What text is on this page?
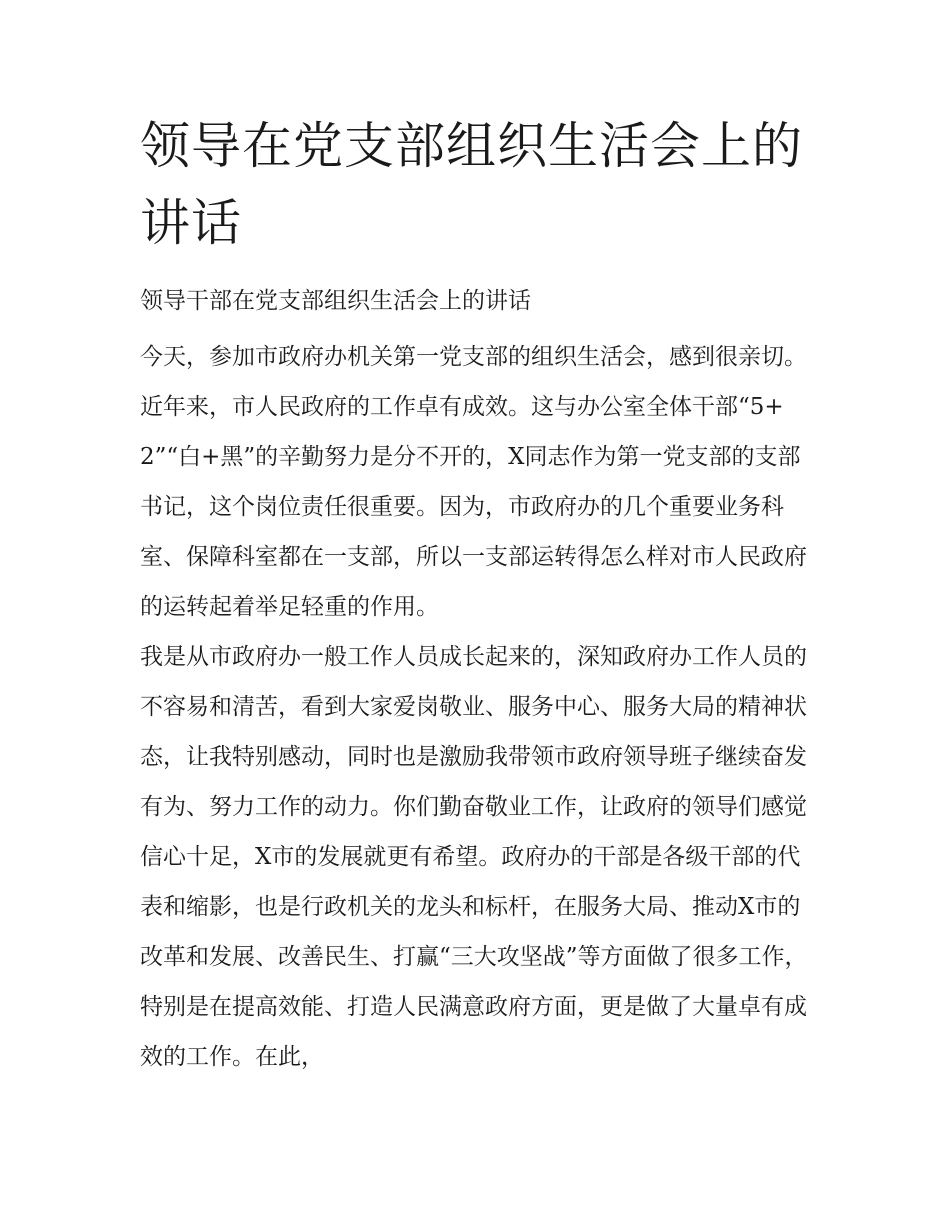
领导在党支部组织生活会上的讲话

领导干部在党支部组织生活会上的讲话

今天，参加市政府办机关第一党支部的组织生活会，感到很亲切。近年来，市人民政府的工作卓有成效。这与办公室全体干部“5+2”“白+黑”的辛勤努力是分不开的，X同志作为第一党支部的支部书记，这个岗位责任很重要。因为，市政府办的几个重要业务科室、保障科室都在一支部，所以一支部运转得怎么样对市人民政府的运转起着举足轻重的作用。

我是从市政府办一般工作人员成长起来的，深知政府办工作人员的不容易和清苦，看到大家爱岗敬业、服务中心、服务大局的精神状态，让我特别感动，同时也是激励我带领市政府领导班子继续奋发有为、努力工作的动力。你们勤奋敬业工作，让政府的领导们感觉信心十足，X市的发展就更有希望。政府办的干部是各级干部的代表和缩影，也是行政机关的龙头和标杆，在服务大局、推动X市的改革和发展、改善民生、打赢“三大攻坚战”等方面做了很多工作，特别是在提高效能、打造人民满意政府方面，更是做了大量卓有成效的工作。在此，
